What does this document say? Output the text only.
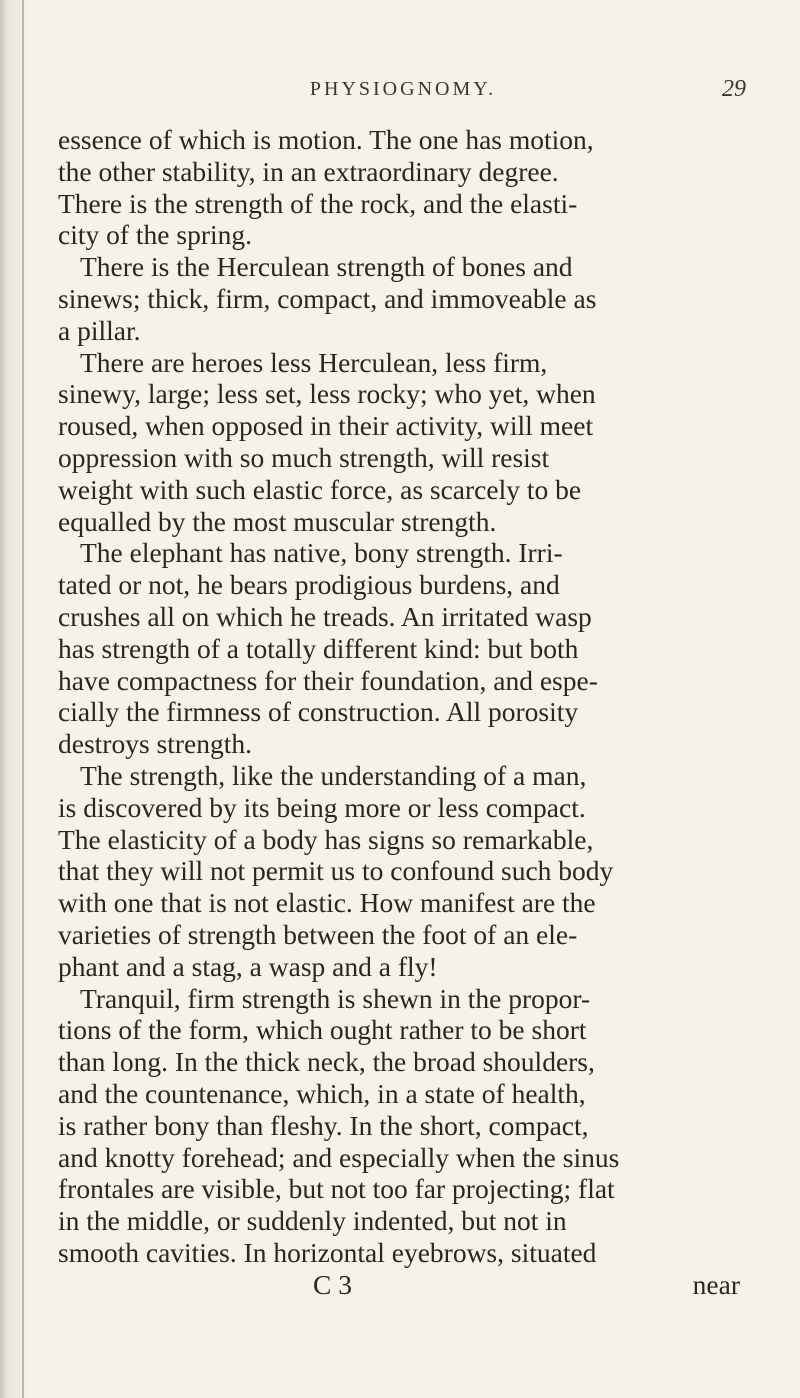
PHYSIOGNOMY.	29
essence of which is motion. The one has motion,
the other stability, in an extraordinary degree.
There is the strength of the rock, and the elasti-
city of the spring.
There is the Herculean strength of bones and
sinews; thick, firm, compact, and immoveable as
a pillar.
There are heroes less Herculean, less firm,
sinewy, large; less set, less rocky; who yet, when
roused, when opposed in their activity, will meet
oppression with so much strength, will resist
weight with such elastic force, as scarcely to be
equalled by the most muscular strength.
The elephant has native, bony strength. Irri-
tated or not, he bears prodigious burdens, and
crushes all on which he treads. An irritated wasp
has strength of a totally different kind: but both
have compactness for their foundation, and espe-
cially the firmness of construction. All porosity
destroys strength.
The strength, like the understanding of a man,
is discovered by its being more or less compact.
The elasticity of a body has signs so remarkable,
that they will not permit us to confound such body
with one that is not elastic. How manifest are the
varieties of strength between the foot of an ele-
phant and a stag, a wasp and a fly!
Tranquil, firm strength is shewn in the propor-
tions of the form, which ought rather to be short
than long. In the thick neck, the broad shoulders,
and the countenance, which, in a state of health,
is rather bony than fleshy. In the short, compact,
and knotty forehead; and especially when the sinus
frontales are visible, but not too far projecting; flat
in the middle, or suddenly indented, but not in
smooth cavities. In horizontal eyebrows, situated
C 3	near
